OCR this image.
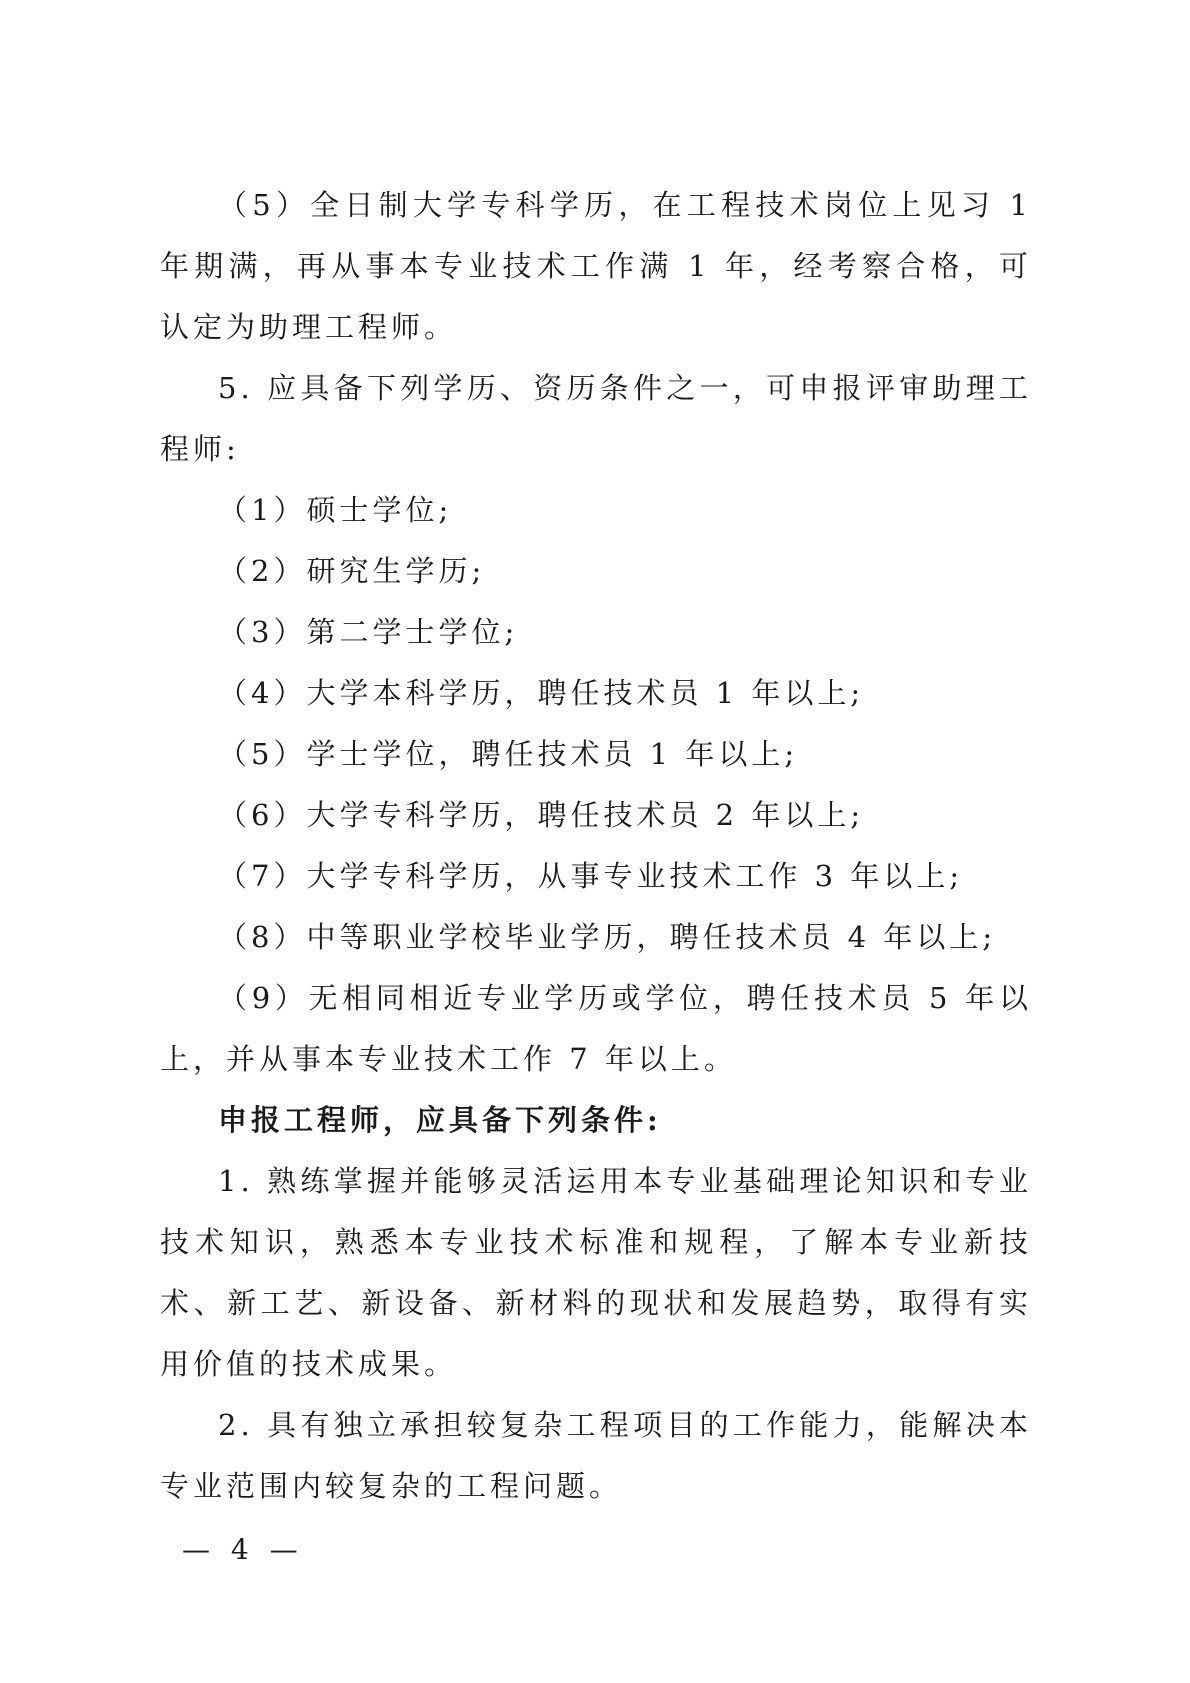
（5）全日制大学专科学历，在工程技术岗位上见习 1 年期满，再从事本专业技术工作满 1 年，经考察合格，可认定为助理工程师。

5. 应具备下列学历、资历条件之一，可申报评审助理工程师:

（1）硕士学位;

（2）研究生学历;

（3）第二学士学位;

（4）大学本科学历，聘任技术员 1 年以上;

（5）学士学位，聘任技术员 1 年以上;

（6）大学专科学历，聘任技术员 2 年以上;

（7）大学专科学历，从事专业技术工作 3 年以上;

（8）中等职业学校毕业学历，聘任技术员 4 年以上;

（9）无相同相近专业学历或学位，聘任技术员 5 年以上，并从事本专业技术工作 7 年以上。

申报工程师，应具备下列条件:

1. 熟练掌握并能够灵活运用本专业基础理论知识和专业技术知识，熟悉本专业技术标准和规程，了解本专业新技术、新工艺、新设备、新材料的现状和发展趋势，取得有实用价值的技术成果。

2. 具有独立承担较复杂工程项目的工作能力，能解决本专业范围内较复杂的工程问题。

— 4 —
